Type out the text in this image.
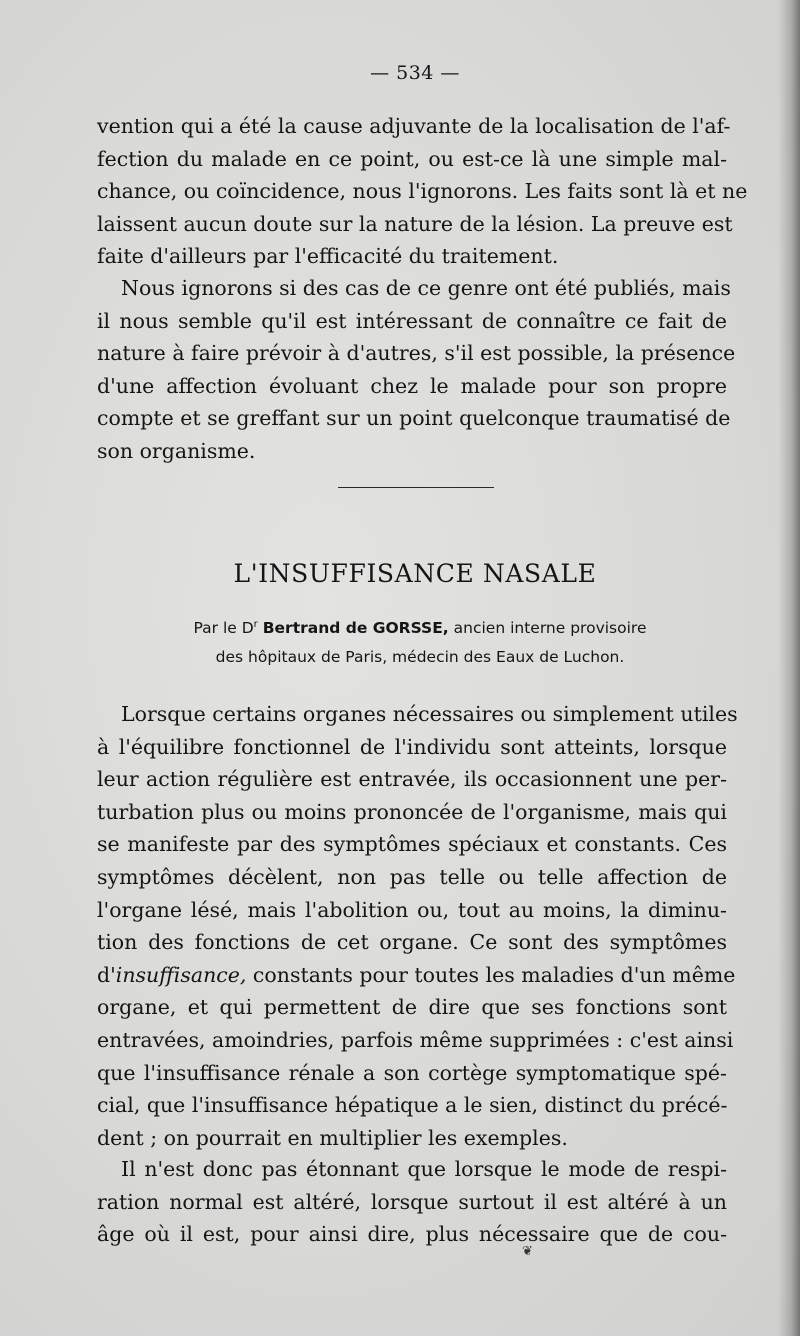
— 534 —
vention qui a été la cause adjuvante de la localisation de l'af-
fection du malade en ce point, ou est-ce là une simple mal-
chance, ou coïncidence, nous l'ignorons. Les faits sont là et ne
laissent aucun doute sur la nature de la lésion. La preuve est
faite d'ailleurs par l'efficacité du traitement.
Nous ignorons si des cas de ce genre ont été publiés, mais
il nous semble qu'il est intéressant de connaître ce fait de
nature à faire prévoir à d'autres, s'il est possible, la présence
d'une affection évoluant chez le malade pour son propre
compte et se greffant sur un point quelconque traumatisé de
son organisme.
L'INSUFFISANCE NASALE

Par le $D^r$ Bertrand de GORSSE, ancien interne provisoire

des hôpitaux de Paris, médecin des Eaux de Luchon.

Lorsque certains organes nécessaires ou simplement utiles
à l'équilibre fonctionnel de l'individu sont atteints, lorsque
leur action régulière est entravée, ils occasionnent une per-
turbation plus ou moins prononcée de l'organisme, mais qui
se manifeste par des symptômes spéciaux et constants. Ces
symptômes décèlent, non pas telle ou telle affection de
l'organe lésé, mais l'abolition ou, tout au moins, la diminu-
tion des fonctions de cet organe. Ce sont des symptômes
d'insuffisance, constants pour toutes les maladies d'un même
organe, et qui permettent de dire que ses fonctions sont
entravées, amoindries, parfois même supprimées : c'est ainsi
que l'insuffisance rénale a son cortège symptomatique spé-
cial, que l'insuffisance hépatique a le sien, distinct du précé-
dent ; on pourrait en multiplier les exemples.
Il n'est donc pas étonnant que lorsque le mode de respi-
ration normal est altéré, lorsque surtout il est altéré à un
âge où il est, pour ainsi dire, plus nécessaire que de cou-
❦
